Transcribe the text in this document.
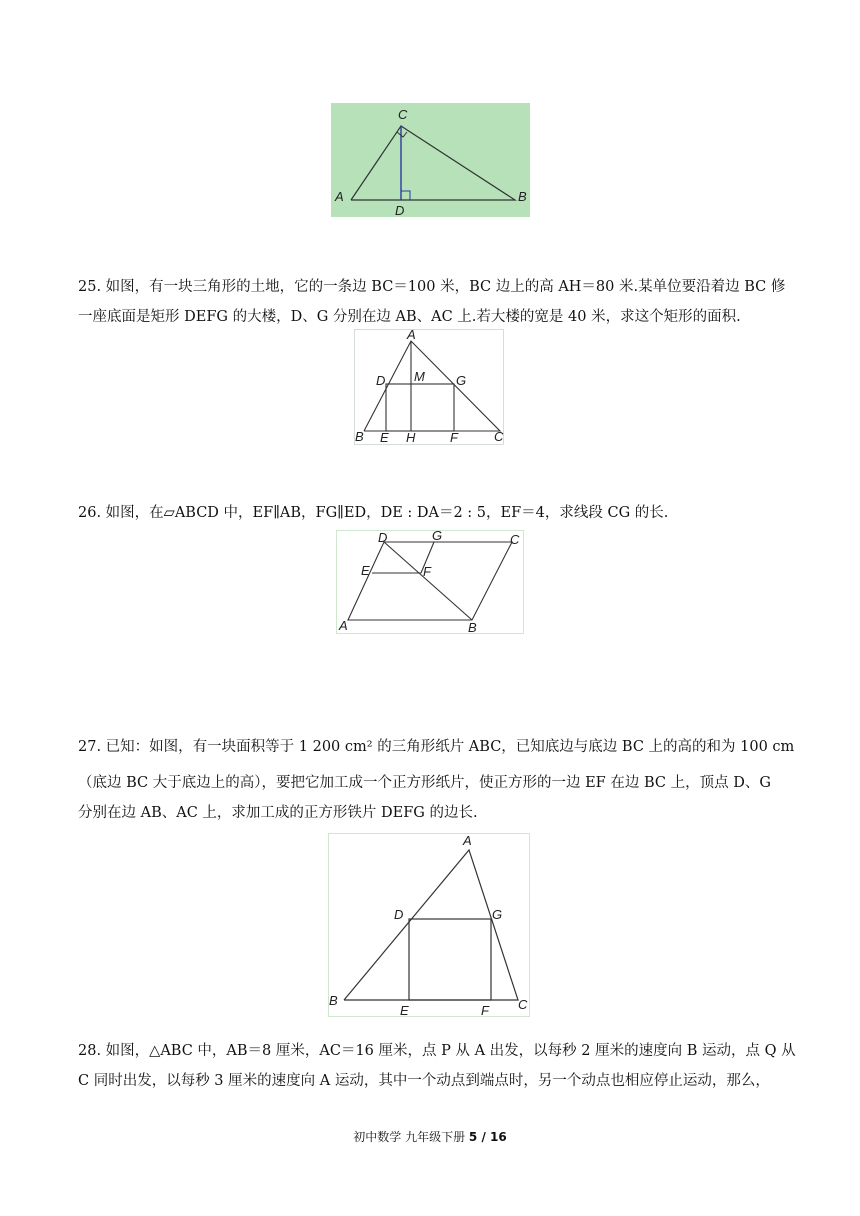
C
A	B
D

25. 如图，有一块三角形的土地，它的一条边 BC＝100 米，BC 边上的高 AH＝80 米.某单位要沿着边 BC 修

一座底面是矩形 DEFG 的大楼，D、G 分别在边 AB、AC 上.若大楼的宽是 40 米，求这个矩形的面积.

A
D M G
B E H	F	C

26. 如图，在▱ABCD 中，EF∥AB，FG∥ED，DE : DA＝2 : 5，EF＝4，求线段 CG 的长.

D	G	C
E	F
A	B

27. 已知：如图，有一块面积等于 1 200 cm² 的三角形纸片 ABC，已知底边与底边 BC 上的高的和为 100 cm

（底边 BC 大于底边上的高），要把它加工成一个正方形纸片，使正方形的一边 EF 在边 BC 上，顶点 D、G

分别在边 AB、AC 上，求加工成的正方形铁片 DEFG 的边长.

A
D	G
B
E	F C

28. 如图，△ABC 中，AB＝8 厘米，AC＝16 厘米，点 P 从 A 出发，以每秒 2 厘米的速度向 B 运动，点 Q 从

C 同时出发，以每秒 3 厘米的速度向 A 运动，其中一个动点到端点时，另一个动点也相应停止运动，那么，

初中数学 九年级下册 5 / 16
